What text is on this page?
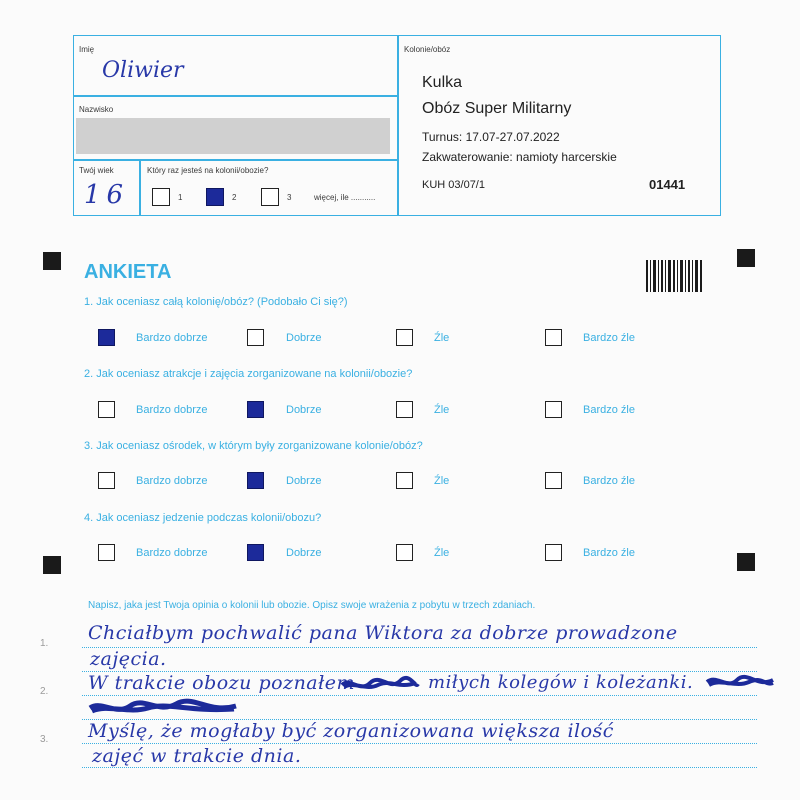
Imię
Oliwier
Nazwisko
Twój wiek
16
Który raz jesteś na kolonii/obozie?
1	2	3	więcej, ile ...........
Kolonie/obóz
Kulka
Obóz Super Militarny
Turnus: 17.07-27.07.2022
Zakwaterowanie: namioty harcerskie
KUH 03/07/1	01441
ANKIETA
1. Jak oceniasz całą kolonię/obóz? (Podobało Ci się?)
Bardzo dobrze	Dobrze	Źle	Bardzo źle
2. Jak oceniasz atrakcje i zajęcia zorganizowane na kolonii/obozie?
Bardzo dobrze	Dobrze	Źle	Bardzo źle
3. Jak oceniasz ośrodek, w którym były zorganizowane kolonie/obóz?
Bardzo dobrze	Dobrze	Źle	Bardzo źle
4. Jak oceniasz jedzenie podczas kolonii/obozu?
Bardzo dobrze	Dobrze	Źle	Bardzo źle
Napisz, jaka jest Twoja opinia o kolonii lub obozie. Opisz swoje wrażenia z pobytu w trzech zdaniach.
1.
2.
3.
Chciałbym pochwalić pana Wiktora za dobrze prowadzone
zajęcia.
W trakcie obozu poznałem	miłych kolegów i koleżanki.
Myślę, że mogłaby być zorganizowana większa ilość
zajęć w trakcie dnia.
